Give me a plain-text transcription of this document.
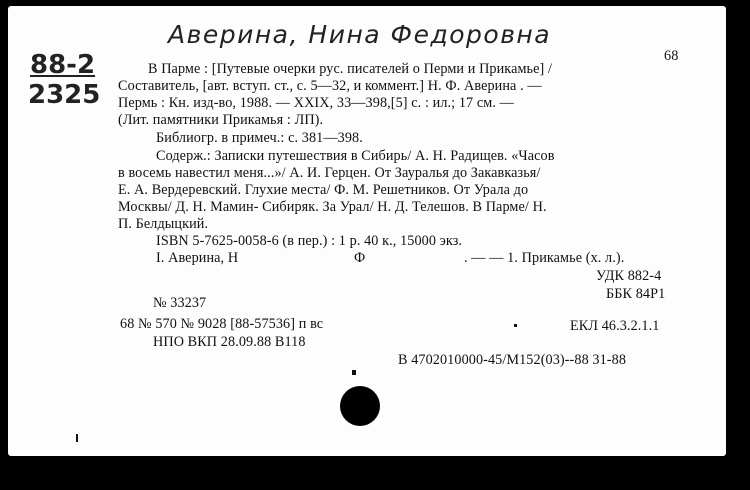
Аверина, Нина Федоровна
88-2
2325
68
В Парме : [Путевые очерки рус. писателей о Перми и Прикамье] /
Составитель, [авт. вступ. ст., с. 5—32, и коммент.] Н. Ф. Аверина . —
Пермь : Кн. изд-во, 1988. — XXIX, 33—398,[5] с. : ил.; 17 см. —
(Лит. памятники Прикамья : ЛП).
Библиогр. в примеч.: с. 381—398.
Содерж.: Записки путешествия в Сибирь/ А. Н. Радищев. «Часов
в восемь навестил меня...»/ А. И. Герцен. От Зауралья до Закавказья/
Е. А. Вердеревский. Глухие места/ Ф. М. Решетников. От Урала до
Москвы/ Д. Н. Мамин- Сибиряк. За Урал/ Н. Д. Телешов. В Парме/ Н.
П. Белдыцкий.
ISBN 5-7625-0058-6 (в пер.) : 1 р. 40 к., 15000 экз.
I. Аверина, Н	Ф	. — — 1. Прикамье (х. л.).
УДК 882-4
ББК 84Р1
№ 33237
68 № 570 № 9028 [88-57536] п вс	ЕКЛ 46.3.2.1.1
НПО ВКП 28.09.88 В118
В 4702010000-45/М152(03)--88 31-88
